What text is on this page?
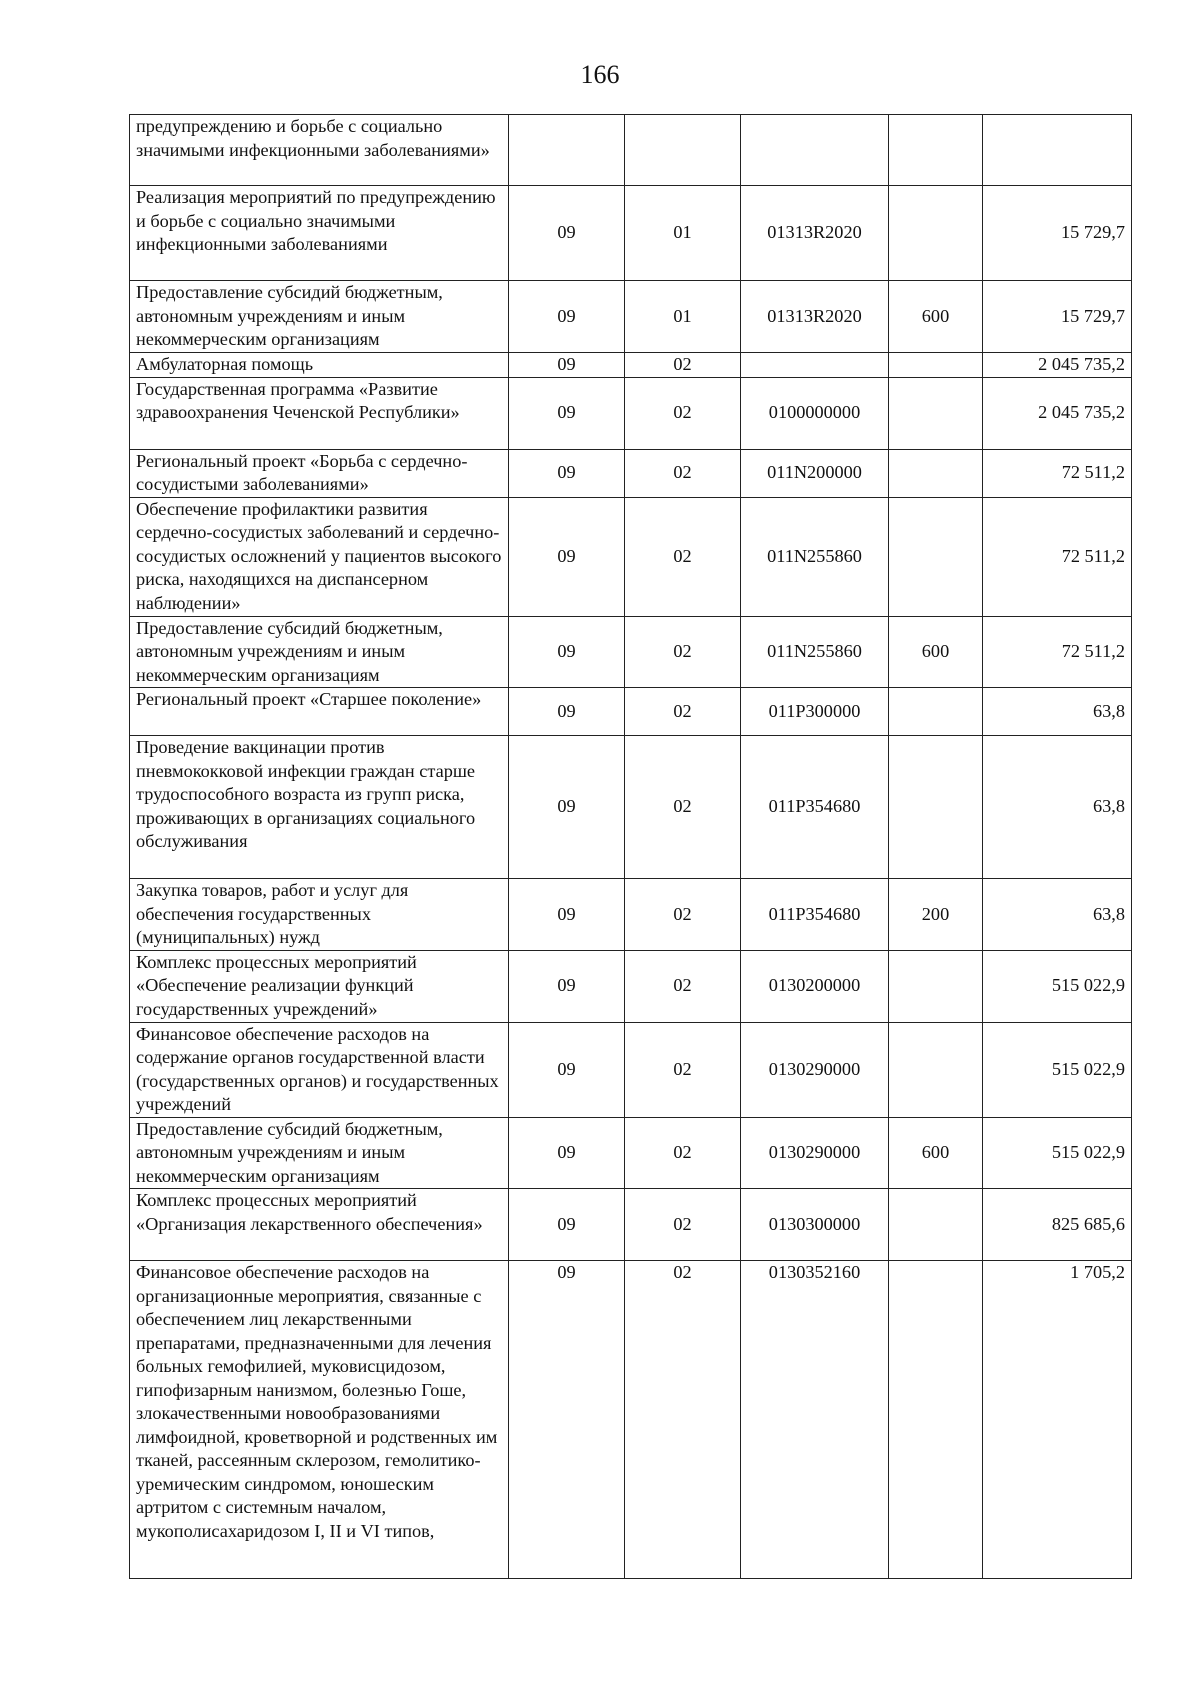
166
предупреждению и борьбе с социально значимыми инфекционными заболеваниями»					
Реализация мероприятий по предупреждению и борьбе с социально значимыми инфекционными заболеваниями	09	01	01313R2020		15 729,7
Предоставление субсидий бюджетным, автономным учреждениям и иным некоммерческим организациям	09	01	01313R2020	600	15 729,7
Амбулаторная помощь	09	02			2 045 735,2
Государственная программа «Развитие здравоохранения Чеченской Республики»	09	02	0100000000		2 045 735,2
Региональный проект «Борьба с сердечно-сосудистыми заболеваниями»	09	02	011N200000		72 511,2
Обеспечение профилактики развития сердечно-сосудистых заболеваний и сердечно-сосудистых осложнений у пациентов высокого риска, находящихся на диспансерном наблюдении»	09	02	011N255860		72 511,2
Предоставление субсидий бюджетным, автономным учреждениям и иным некоммерческим организациям	09	02	011N255860	600	72 511,2
Региональный проект «Старшее поколение»	09	02	011P300000		63,8
Проведение вакцинации против пневмококковой инфекции граждан старше трудоспособного возраста из групп риска, проживающих в организациях социального обслуживания	09	02	011P354680		63,8
Закупка товаров, работ и услуг для обеспечения государственных (муниципальных) нужд	09	02	011P354680	200	63,8
Комплекс процессных мероприятий «Обеспечение реализации функций государственных учреждений»	09	02	0130200000		515 022,9
Финансовое обеспечение расходов на содержание органов государственной власти (государственных органов) и государственных учреждений	09	02	0130290000		515 022,9
Предоставление субсидий бюджетным, автономным учреждениям и иным некоммерческим организациям	09	02	0130290000	600	515 022,9
Комплекс процессных мероприятий «Организация лекарственного обеспечения»	09	02	0130300000		825 685,6
Финансовое обеспечение расходов на организационные мероприятия, связанные с обеспечением лиц лекарственными препаратами, предназначенными для лечения больных гемофилией, муковисцидозом, гипофизарным нанизмом, болезнью Гоше, злокачественными новообразованиями лимфоидной, кроветворной и родственных им тканей, рассеянным склерозом, гемолитико-уремическим синдромом, юношеским артритом с системным началом, мукополисахаридозом I, II и VI типов,	09	02	0130352160		1 705,2
